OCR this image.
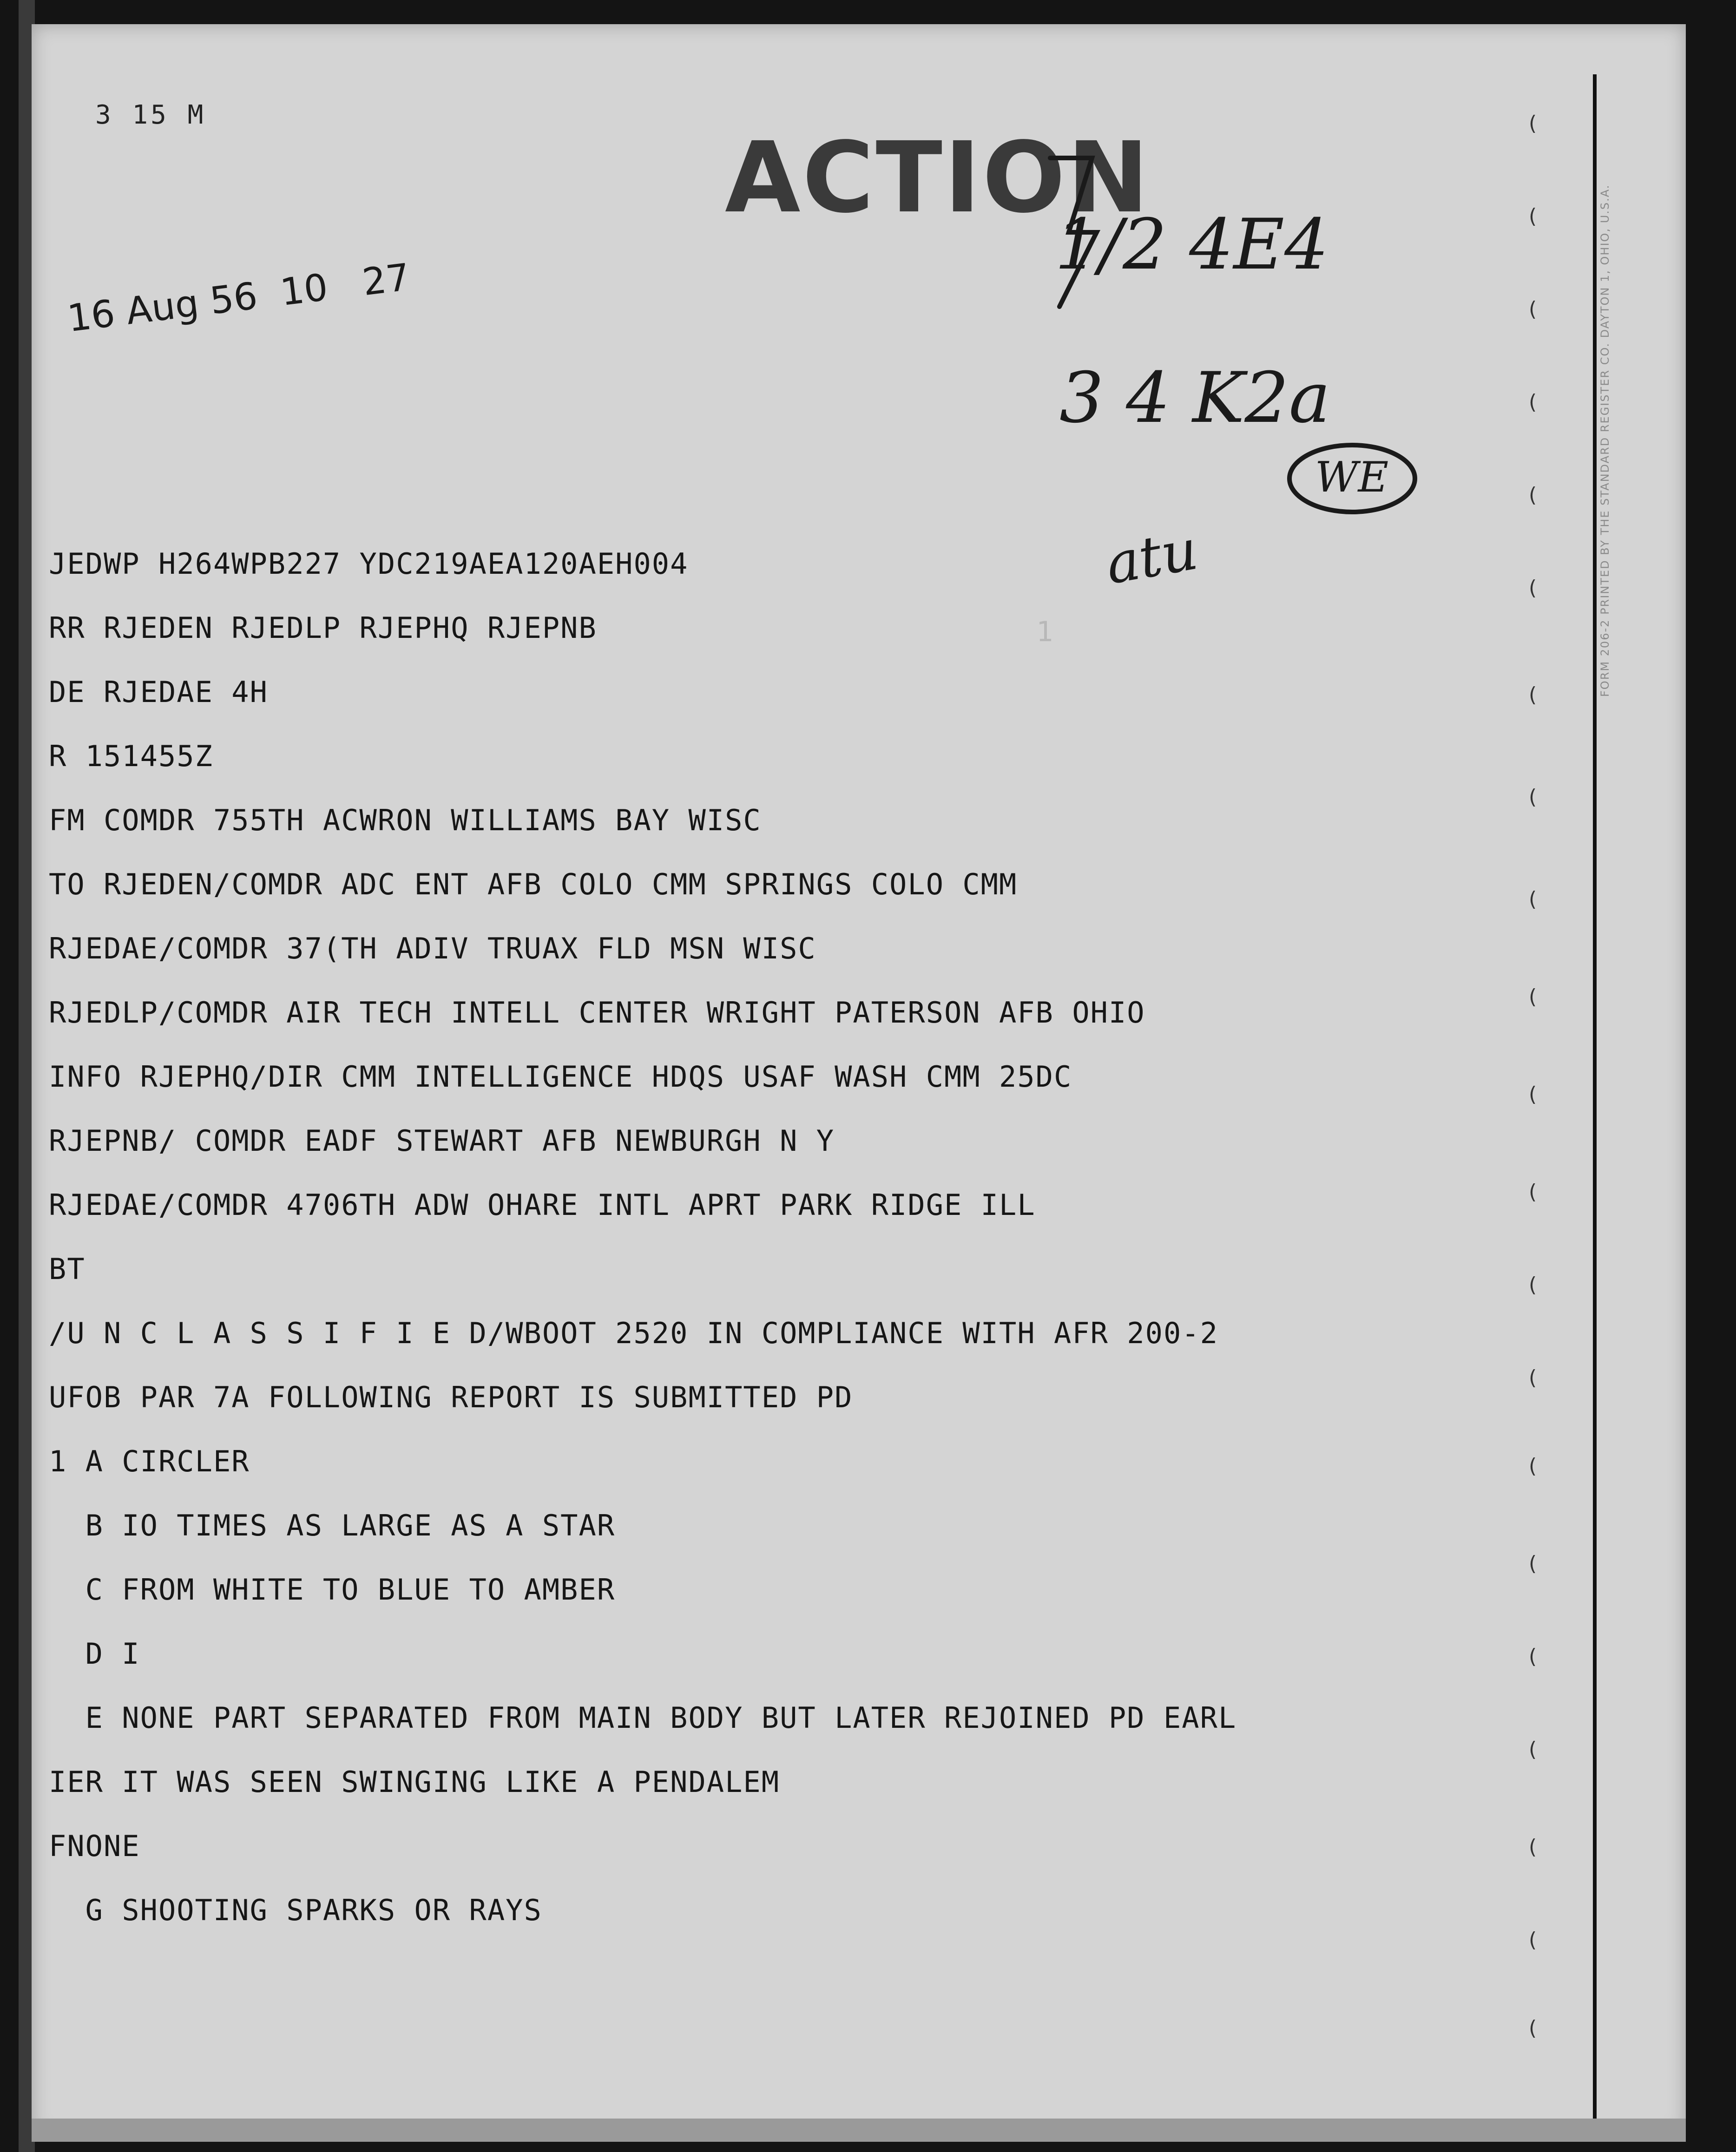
3 15 M
16 Aug 56  10   27
ACTION
1/2 4E4
3 4 K2a
atu
WE
1	FORM 206-2 PRINTED BY THE STANDARD REGISTER CO. DAYTON 1, OHIO, U.S.A.
(
(
(
(
(
(
(
(
(
(
(
(
(
(
(
(
(
(
(
(
(
JEDWP H264WPB227 YDC219AEA120AEH004
RR RJEDEN RJEDLP RJEPHQ RJEPNB
DE RJEDAE 4H
R 151455Z
FM COMDR 755TH ACWRON WILLIAMS BAY WISC
TO RJEDEN/COMDR ADC ENT AFB COLO CMM SPRINGS COLO CMM
RJEDAE/COMDR 37(TH ADIV TRUAX FLD MSN WISC
RJEDLP/COMDR AIR TECH INTELL CENTER WRIGHT PATERSON AFB OHIO
INFO RJEPHQ/DIR CMM INTELLIGENCE HDQS USAF WASH CMM 25DC
RJEPNB/ COMDR EADF STEWART AFB NEWBURGH N Y
RJEDAE/COMDR 4706TH ADW OHARE INTL APRT PARK RIDGE ILL
BT
/U N C L A S S I F I E D/WBOOT 2520 IN COMPLIANCE WITH AFR 200-2
UFOB PAR 7A FOLLOWING REPORT IS SUBMITTED PD
1 A CIRCLER
B IO TIMES AS LARGE AS A STAR
C FROM WHITE TO BLUE TO AMBER
D I
E NONE PART SEPARATED FROM MAIN BODY BUT LATER REJOINED PD EARL
IER IT WAS SEEN SWINGING LIKE A PENDALEM
FNONE
G SHOOTING SPARKS OR RAYS
